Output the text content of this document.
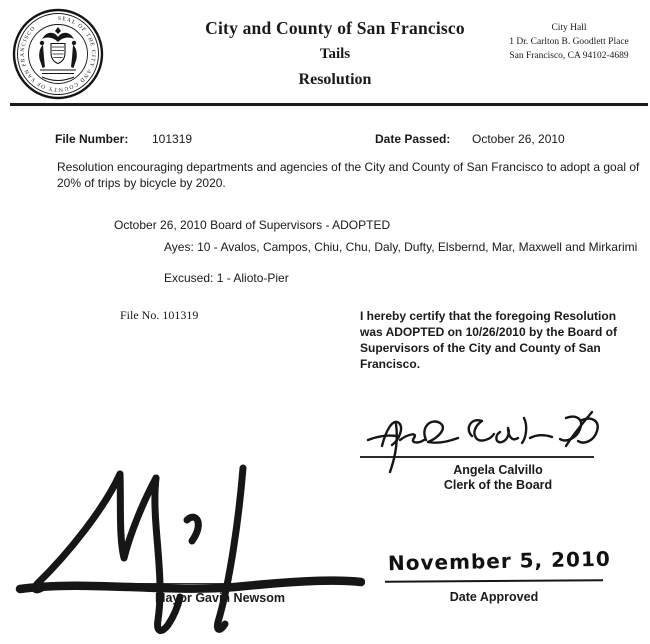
SEAL OF THE CITY AND COUNTY OF SAN FRANCISCO	City and County of San Francisco
Tails
Resolution
City Hall
1 Dr. Carlton B. Goodlett Place
San Francisco, CA 94102-4689
File Number: 101319	Date Passed: October 26, 2010
Resolution encouraging departments and agencies of the City and County of San Francisco to adopt a goal of 20% of trips by bicycle by 2020.
October 26, 2010 Board of Supervisors - ADOPTED
Ayes: 10 - Avalos, Campos, Chiu, Chu, Daly, Dufty, Elsbernd, Mar, Maxwell and Mirkarimi
Excused: 1 - Alioto-Pier
File No. 101319	I hereby certify that the foregoing Resolution was ADOPTED on 10/26/2010 by the Board of Supervisors of the City and County of San Francisco.
Angela Calvillo
Clerk of the Board
Mayor Gavin Newsom
November 5, 2010
Date Approved
